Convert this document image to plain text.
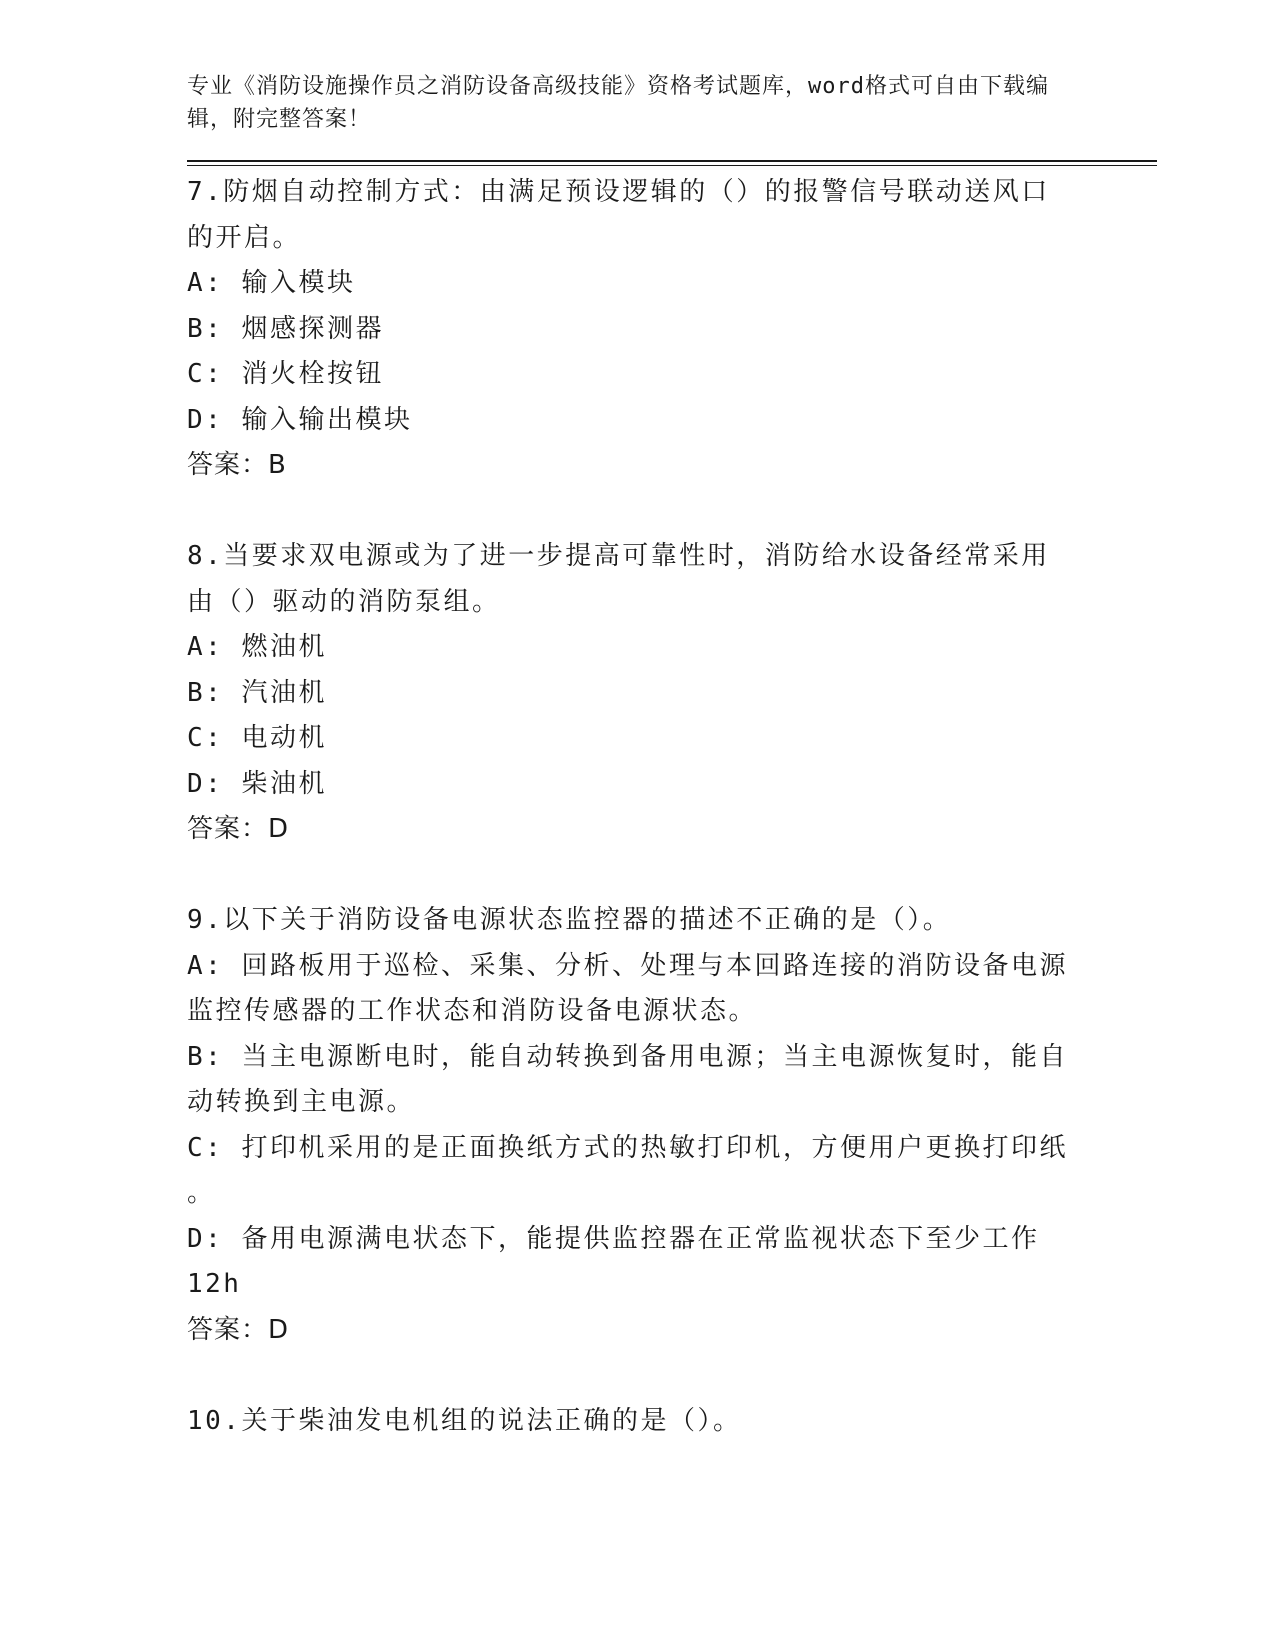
专业《消防设施操作员之消防设备高级技能》资格考试题库，word格式可自由下载编辑，附完整答案！
7.防烟自动控制方式：由满足预设逻辑的（）的报警信号联动送风口
的开启。
A: 输入模块
B: 烟感探测器
C: 消火栓按钮
D: 输入输出模块
答案：B
8.当要求双电源或为了进一步提高可靠性时，消防给水设备经常采用
由（）驱动的消防泵组。
A: 燃油机
B: 汽油机
C: 电动机
D: 柴油机
答案：D
9.以下关于消防设备电源状态监控器的描述不正确的是（）。
A: 回路板用于巡检、采集、分析、处理与本回路连接的消防设备电源
监控传感器的工作状态和消防设备电源状态。
B: 当主电源断电时，能自动转换到备用电源；当主电源恢复时，能自
动转换到主电源。
C: 打印机采用的是正面换纸方式的热敏打印机，方便用户更换打印纸
。
D: 备用电源满电状态下，能提供监控器在正常监视状态下至少工作
12h
答案：D
10.关于柴油发电机组的说法正确的是（）。
